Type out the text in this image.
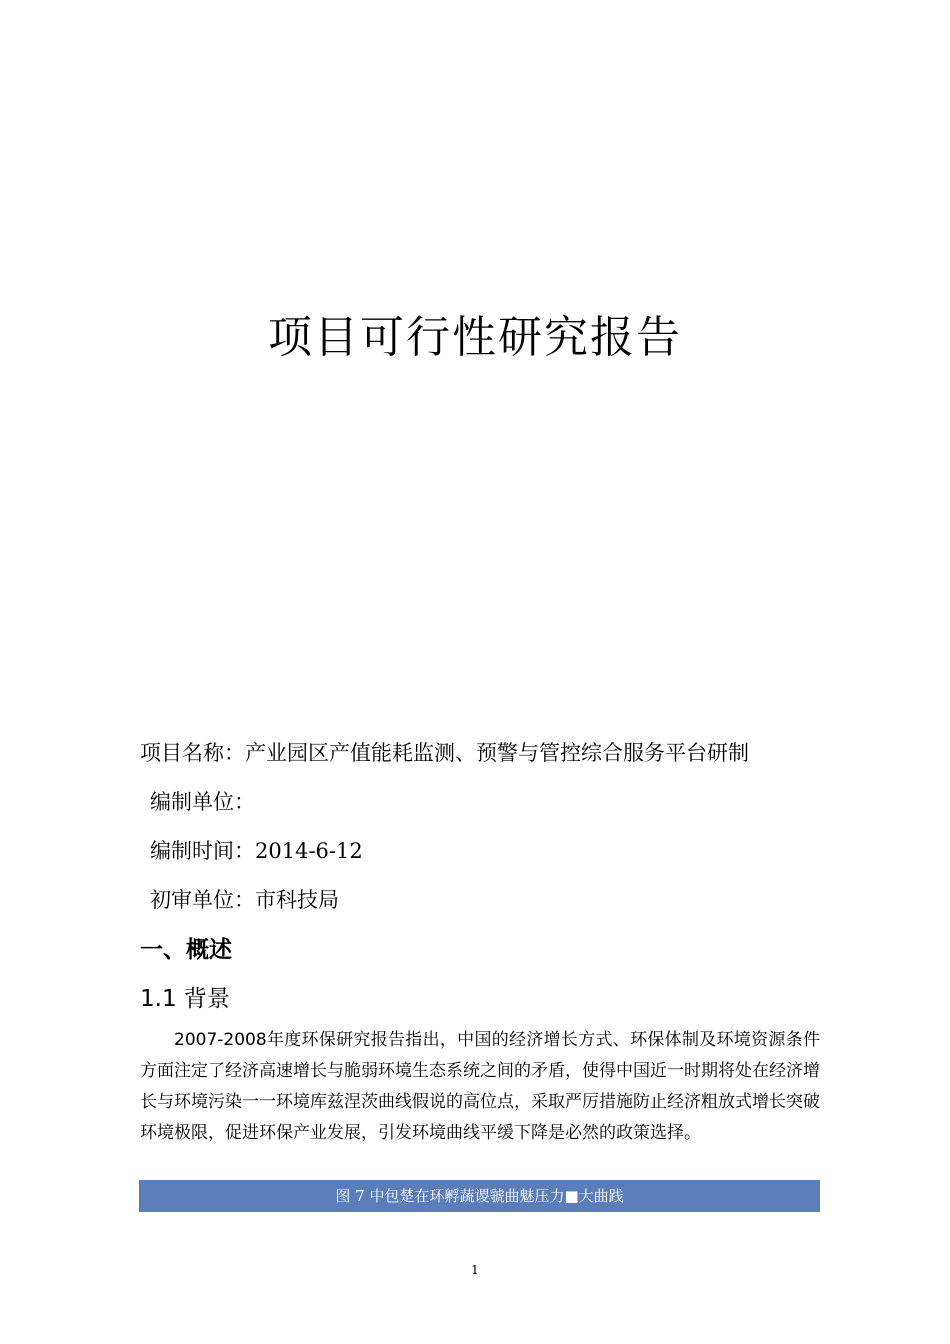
项目可行性研究报告
项目名称：产业园区产值能耗监测、预警与管控综合服务平台研制
编制单位：
编制时间：2014-6-12
初审单位：市科技局
一、概述
1.1 背景
2007-2008年度环保研究报告指出，中国的经济增长方式、环保体制及环境资源条件方面注定了经济高速增长与脆弱环境生态系统之间的矛盾，使得中国近一时期将处在经济增长与环境污染一一环境库兹涅茨曲线假说的高位点，采取严厉措施防止经济粗放式增长突破环境极限，促进环保产业发展，引发环境曲线平缓下降是必然的政策选择。
图 7 中包楚在环孵蔬谡虢曲魅压力■大曲践
1
